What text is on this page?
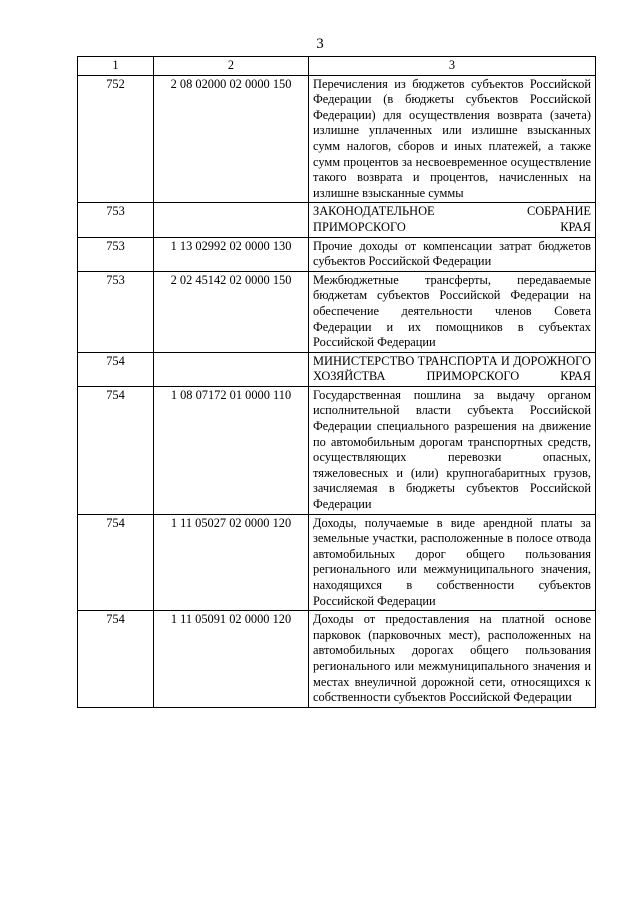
3
1	2	3
752	2 08 02000 02 0000 150	Перечисления из бюджетов субъектов Российской Федерации (в бюджеты субъектов Российской Федерации) для осуществления возврата (зачета) излишне уплаченных или излишне взысканных сумм налогов, сборов и иных платежей, а также сумм процентов за несвоевременное осуществление такого возврата и процентов, начисленных на излишне взысканные суммы
753		ЗАКОНОДАТЕЛЬНОЕ СОБРАНИЕ ПРИМОРСКОГО КРАЯ
753	1 13 02992 02 0000 130	Прочие доходы от компенсации затрат бюджетов субъектов Российской Федерации
753	2 02 45142 02 0000 150	Межбюджетные трансферты, передаваемые бюджетам субъектов Российской Федерации на обеспечение деятельности членов Совета Федерации и их помощников в субъектах Российской Федерации
754		МИНИСТЕРСТВО ТРАНСПОРТА И ДОРОЖНОГО ХОЗЯЙСТВА ПРИМОРСКОГО КРАЯ
754	1 08 07172 01 0000 110	Государственная пошлина за выдачу органом исполнительной власти субъекта Российской Федерации специального разрешения на движение по автомобильным дорогам транспортных средств, осуществляющих перевозки опасных, тяжеловесных и (или) крупногабаритных грузов, зачисляемая в бюджеты субъектов Российской Федерации
754	1 11 05027 02 0000 120	Доходы, получаемые в виде арендной платы за земельные участки, расположенные в полосе отвода автомобильных дорог общего пользования регионального или межмуниципального значения, находящихся в собственности субъектов Российской Федерации
754	1 11 05091 02 0000 120	Доходы от предоставления на платной основе парковок (парковочных мест), расположенных на автомобильных дорогах общего пользования регионального или межмуниципального значения и местах внеуличной дорожной сети, относящихся к собственности субъектов Российской Федерации
